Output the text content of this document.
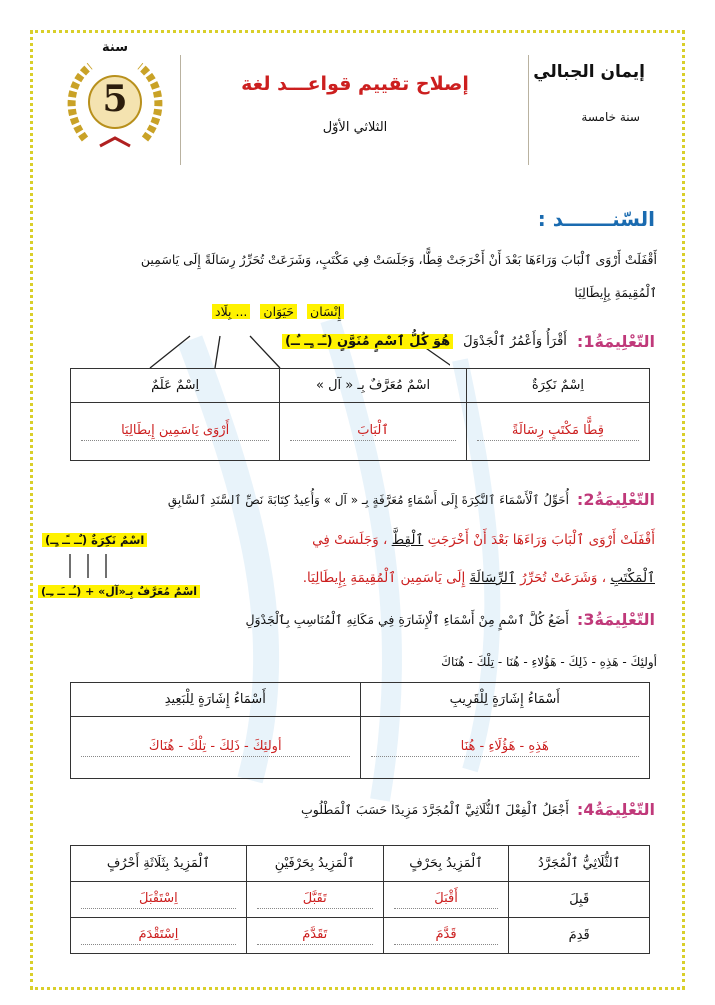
إيمان الجبالي
سنة خامسة
إصلاح تقييم قواعـــد لغة
الثلاثي الأوّل
سنة
5
السّنـــــــد :
أَقْفَلَتْ أَرْوَى ٱلْبَابَ وَرَاءَهَا بَعْدَ أَنْ أَخْرَجَتْ قِطًّا، وَجَلَسَتْ فِي مَكْتَبٍ، وَشَرَعَتْ تُحَرِّرُ رِسَالَةً إِلَى يَاسَمِين
ٱلْمُقِيمَةِ بِإِيطَالِيَا
بِلَاد ... حَيَوَان إِنْسَان
التّعْلِيمَةُ1:
أَقْرَأُ وَأَعْمُرُ ٱلْجَدْوَلَ
هُوَ كُلُّ ٱسْمٍ مُنَوَّنٍ (ـًـ ـٍـ ـٌـ)
اِسْمٌ نَكِرَةٌ	اسْمٌ مُعَرَّفٌ بِـ « آل »	اِسْمٌ عَلَمٌ

قِطًّا مَكْتَبٍ رِسَالَةً	ٱلْبَابَ	أَرْوَى يَاسَمِين إِيطَالِيَا
التّعْلِيمَةُ2:
أُحَوِّلُ ٱلْأَسْمَاءَ ٱلنَّكِرَةَ إِلَى أَسْمَاءٍ مُعَرَّفَةٍ بِـ « آل » وَأُعِيدُ كِتَابَةَ نَصِّ ٱلسَّنَدِ ٱلسَّابِقِ
أَقْفَلَتْ أَرْوَى ٱلْبَابَ وَرَاءَهَا بَعْدَ أَنْ أَخْرَجَتِ ٱلْقِطَّ ، وَجَلَسَتْ فِي
ٱلْمَكْتَبِ ، وَشَرَعَتْ تُحَرِّرُ ٱلرِّسَالَةَ إِلَى يَاسَمِين ٱلْمُقِيمَةِ بِإِيطَالِيَا.
اسْمٌ نَكِرَةٌ (ـٌـ ـًـ ـٍـ)
اسْمٌ مُعَرَّفٌ بِـ«آل» + (ـُـ ـَـ ـِـ)
التّعْلِيمَةُ3:
أَضَعُ كُلَّ ٱسْمٍ مِنْ أَسْمَاءِ ٱلْإِشَارَةِ فِي مَكَانِهِ ٱلْمُنَاسِبِ بِٱلْجَدْوَلِ
أولئِكَ - هَذِهِ - ذَلِكَ - هَؤُلاءِ - هُنَا - تِلْكَ - هُنَاكَ
أَسْمَاءُ إِشَارَةٍ لِلْقَرِيبِ	أَسْمَاءُ إِشَارَةٍ لِلْبَعِيدِ

هَذِهِ - هَؤُلَاءِ - هُنَا	أولئِكَ - ذَلِكَ - تِلْكَ - هُنَاكَ
التّعْلِيمَةُ4:
أَجْعَلُ ٱلْفِعْلَ ٱلثُّلَاثِيَّ ٱلْمُجَرَّدَ مَزِيدًا حَسَبَ ٱلْمَطْلُوبِ
ٱلثُّلَاثِيُّ ٱلْمُجَرَّدُ	ٱلْمَزِيدُ بِحَرْفٍ	ٱلْمَزِيدُ بِحَرْفَيْنِ	ٱلْمَزِيدُ بِثَلَاثَةِ أَحْرُفٍ
قَبِلَ	أَقْبَلَ	تَقَبَّلَ	اِسْتَقْبَلَ

قَدِمَ	قَدَّمَ	تَقَدَّمَ	اِسْتَقْدَمَ
